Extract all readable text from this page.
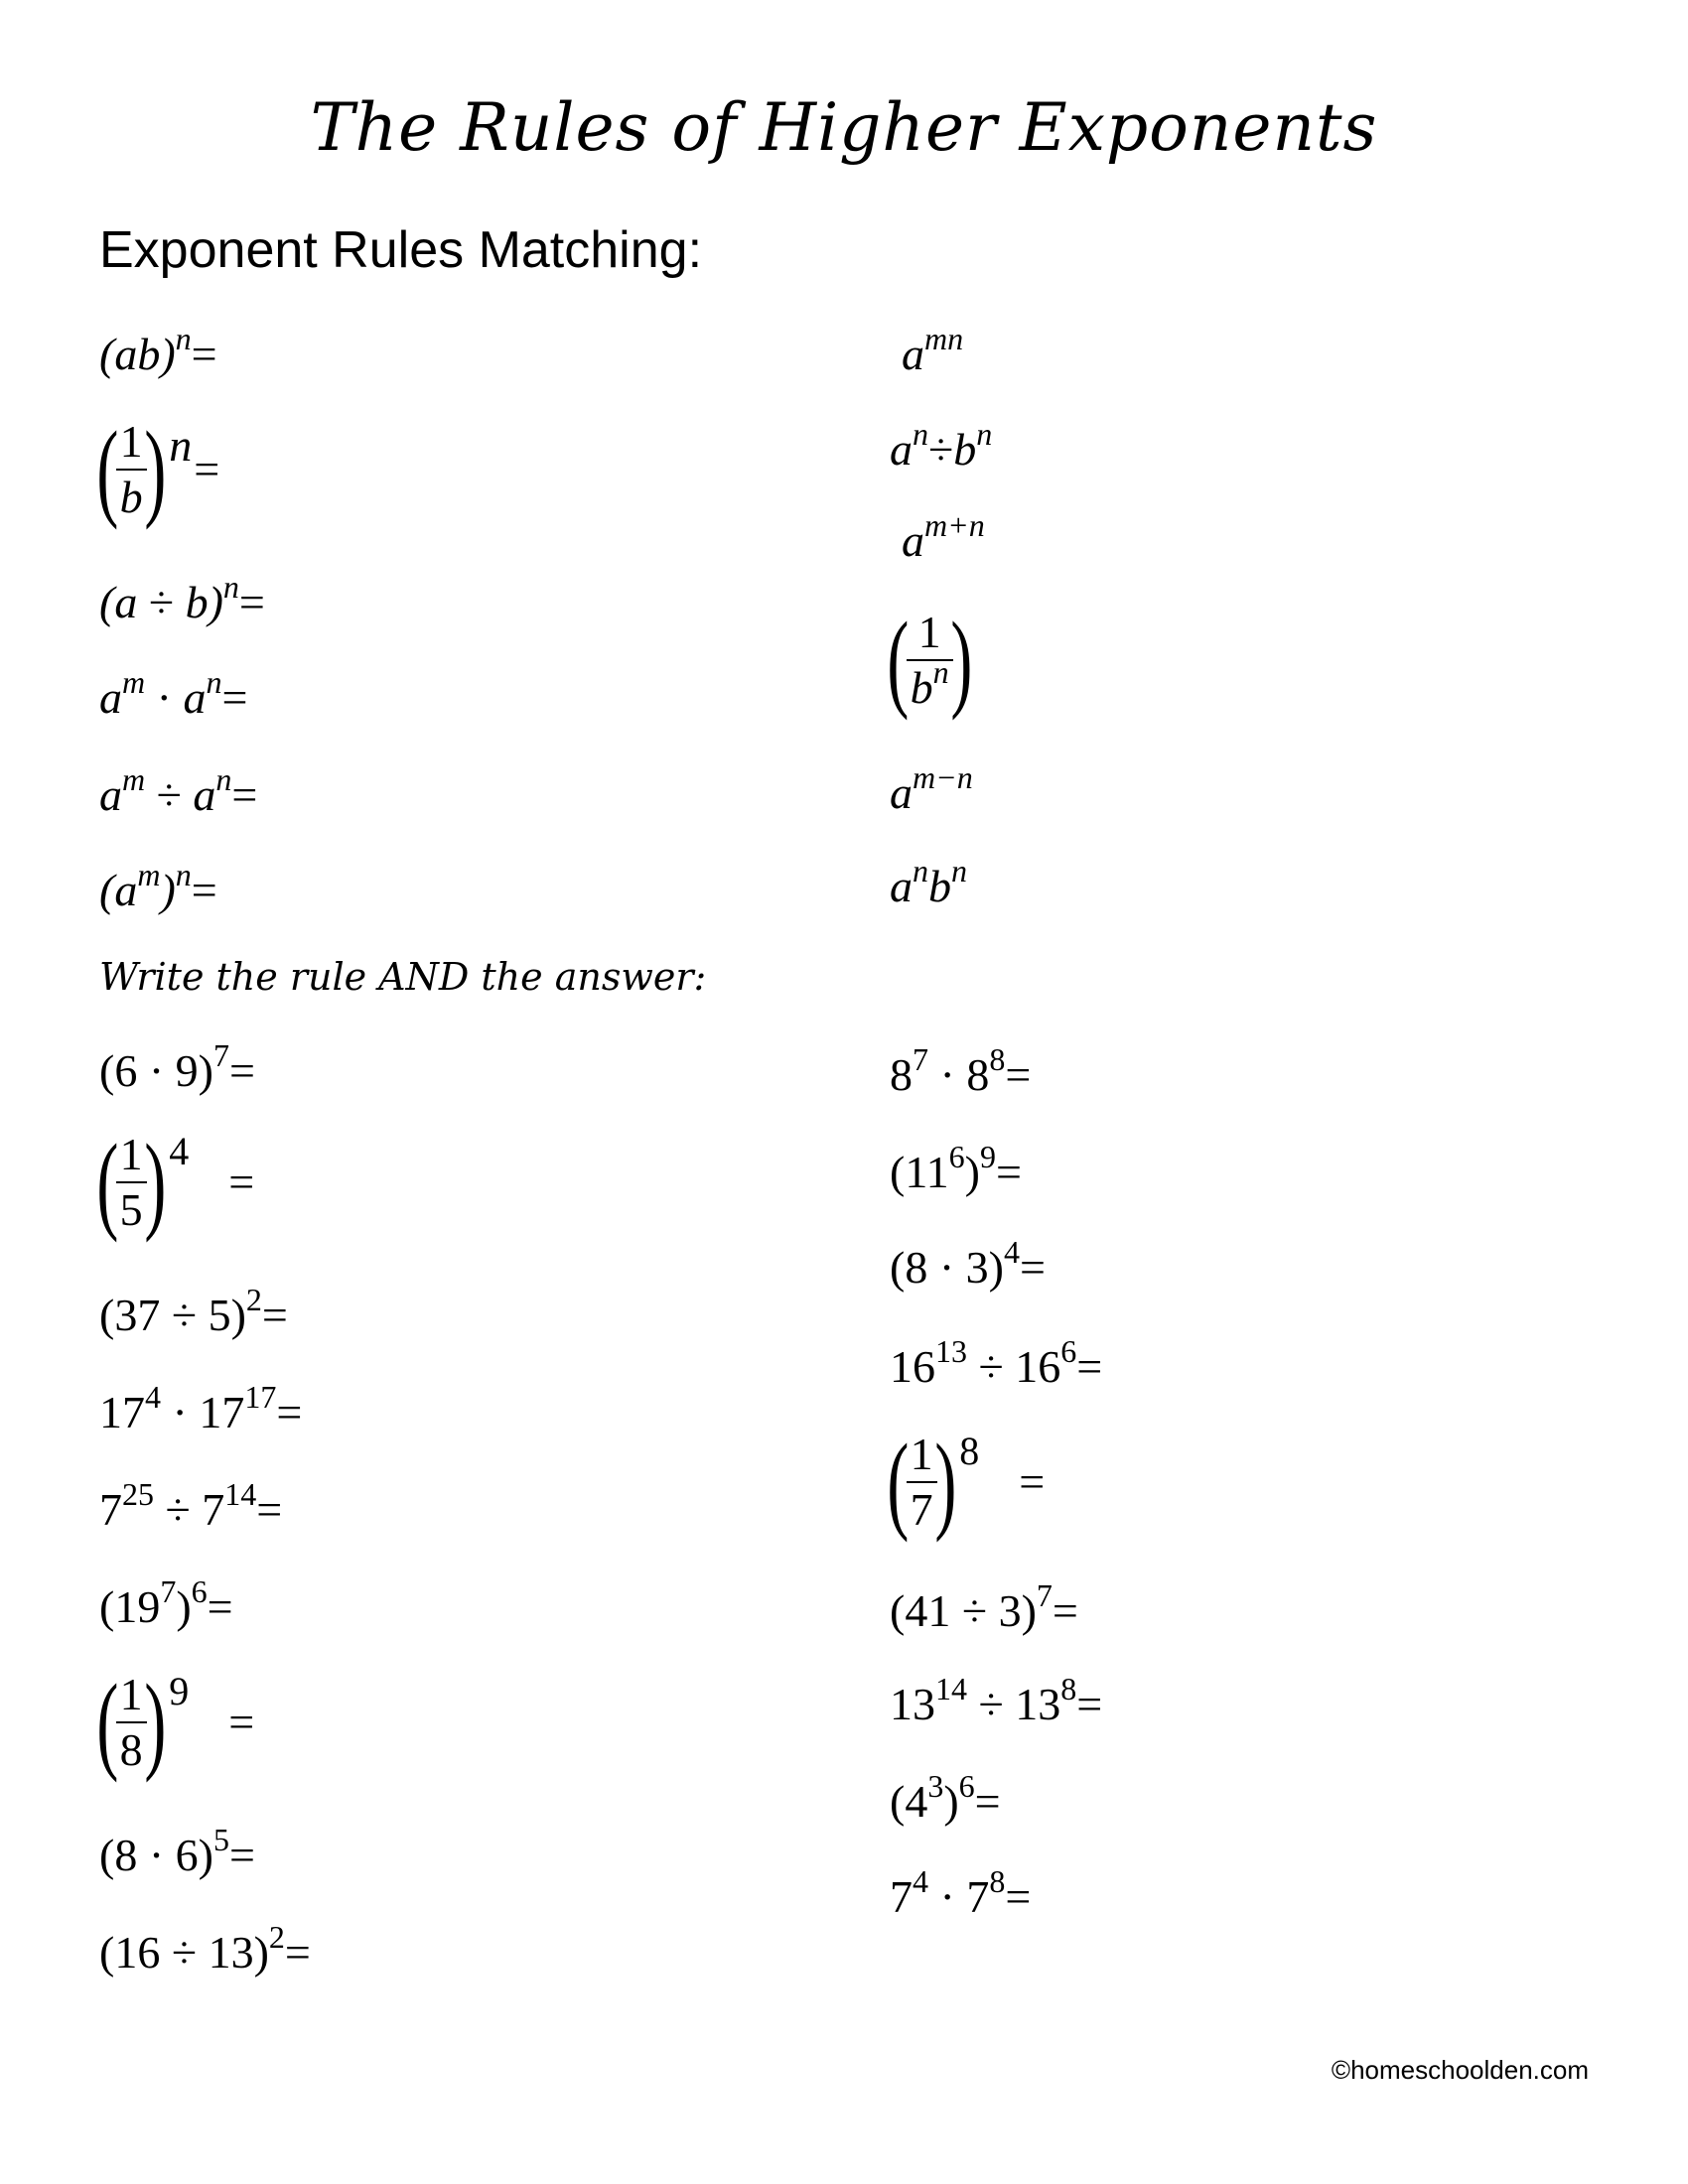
The Rules of Higher Exponents
Exponent Rules Matching:
(ab)$^n$=
(
$\frac{1}{b}$
) n =
$(a \div b)^n=$
$a^m \cdot a^n=$
$a^m \div a^n=$
$(a^m)^n=$
$a^{mn}$
$a^n\div b^n$
$a^{m+n}$
(
$\frac{1}{b^n}$
)
$a^{m-n}$
$a^nb^n$
Write the rule AND the answer:
$(6 \cdot 9)^7=$
(
$\frac{1}{5}$
) 4
=
$(37 \div 5)^2=$
$17^4 \cdot 17^{17}=$
$7^{25} \div 7^{14}=$
$(19^7)^6=$
(
$\frac{1}{8}$
) 9
=
$(8 \cdot 6)^5=$
$(16 \div 13)^2=$
$8^7 \cdot 8^8=$
$(11^6)^9=$
$(8 \cdot 3)^4=$
$16^{13} \div 16^6=$
(
$\frac{1}{7}$
) 8
=
$(41 \div 3)^7=$
$13^{14} \div 13^8=$
$(4^3)^6=$
$7^4 \cdot 7^8=$
©homeschoolden.com
